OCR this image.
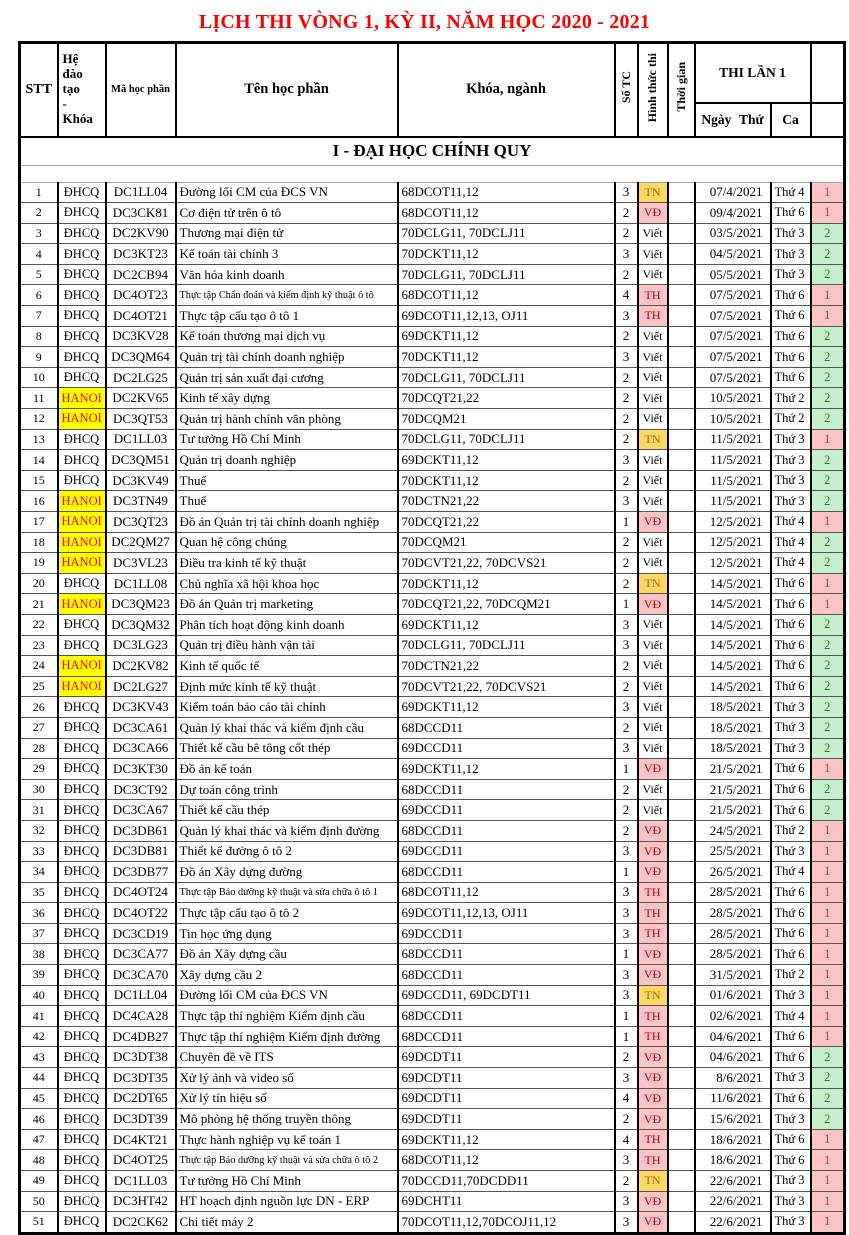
LỊCH THI VÒNG 1, KỲ II, NĂM HỌC 2020 - 2021
STT	Hệ đào tạo - Khóa	Mã học phần	Tên học phần	Khóa, ngành	Số TC	Hình thức thi	Thời gian	THI LẦN 1		

								Ngày Thứ	Ca	
I - ĐẠI HỌC CHÍNH QUY										

1	ĐHCQ	DC1LL04	Đường lối CM của ĐCS VN	68DCOT11,12	3	TN		07/4/2021	Thứ 4	1
2	ĐHCQ	DC3CK81	Cơ điện tử trên ô tô	68DCOT11,12	2	VĐ		09/4/2021	Thứ 6	1
3	ĐHCQ	DC2KV90	Thương mại điện tử	70DCLG11, 70DCLJ11	2	Viết		03/5/2021	Thứ 3	2
4	ĐHCQ	DC3KT23	Kế toán tài chính 3	70DCKT11,12	3	Viết		04/5/2021	Thứ 3	2
5	ĐHCQ	DC2CB94	Văn hóa kinh doanh	70DCLG11, 70DCLJ11	2	Viết		05/5/2021	Thứ 3	2
6	ĐHCQ	DC4OT23	Thực tập Chẩn đoán và kiểm định kỹ thuật ô tô	68DCOT11,12	4	TH		07/5/2021	Thứ 6	1
7	ĐHCQ	DC4OT21	Thực tập cấu tạo ô tô 1	69DCOT11,12,13, OJ11	3	TH		07/5/2021	Thứ 6	1
8	ĐHCQ	DC3KV28	Kế toán thương mại dịch vụ	69DCKT11,12	2	Viết		07/5/2021	Thứ 6	2
9	ĐHCQ	DC3QM64	Quản trị tài chính doanh nghiệp	70DCKT11,12	3	Viết		07/5/2021	Thứ 6	2
10	ĐHCQ	DC2LG25	Quản trị sản xuất đại cương	70DCLG11, 70DCLJ11	2	Viết		07/5/2021	Thứ 6	2
11	HANOI	DC2KV65	Kinh tế xây dựng	70DCQT21,22	2	Viết		10/5/2021	Thứ 2	2
12	HANOI	DC3QT53	Quản trị hành chính văn phòng	70DCQM21	2	Viết		10/5/2021	Thứ 2	2
13	ĐHCQ	DC1LL03	Tư tưởng Hồ Chí Minh	70DCLG11, 70DCLJ11	2	TN		11/5/2021	Thứ 3	1
14	ĐHCQ	DC3QM51	Quản trị doanh nghiệp	69DCKT11,12	3	Viết		11/5/2021	Thứ 3	2
15	ĐHCQ	DC3KV49	Thuế	70DCKT11,12	2	Viết		11/5/2021	Thứ 3	2
16	HANOI	DC3TN49	Thuế	70DCTN21,22	3	Viết		11/5/2021	Thứ 3	2
17	HANOI	DC3QT23	Đồ án Quản trị tài chính doanh nghiệp	70DCQT21,22	1	VĐ		12/5/2021	Thứ 4	1
18	HANOI	DC2QM27	Quan hệ công chúng	70DCQM21	2	Viết		12/5/2021	Thứ 4	2
19	HANOI	DC3VL23	Điều tra kinh tế kỹ thuật	70DCVT21,22, 70DCVS21	2	Viết		12/5/2021	Thứ 4	2
20	ĐHCQ	DC1LL08	Chủ nghĩa xã hội khoa học	70DCKT11,12	2	TN		14/5/2021	Thứ 6	1
21	HANOI	DC3QM23	Đồ án Quản trị marketing	70DCQT21,22, 70DCQM21	1	VĐ		14/5/2021	Thứ 6	1
22	ĐHCQ	DC3QM32	Phân tích hoạt động kinh doanh	69DCKT11,12	3	Viết		14/5/2021	Thứ 6	2
23	ĐHCQ	DC3LG23	Quản trị điều hành vận tải	70DCLG11, 70DCLJ11	3	Viết		14/5/2021	Thứ 6	2
24	HANOI	DC2KV82	Kinh tế quốc tế	70DCTN21,22	2	Viết		14/5/2021	Thứ 6	2
25	HANOI	DC2LG27	Định mức kinh tế kỹ thuật	70DCVT21,22, 70DCVS21	2	Viết		14/5/2021	Thứ 6	2
26	ĐHCQ	DC3KV43	Kiểm toán báo cáo tài chính	69DCKT11,12	3	Viết		18/5/2021	Thứ 3	2
27	ĐHCQ	DC3CA61	Quản lý khai thác và kiểm định cầu	68DCCD11	2	Viết		18/5/2021	Thứ 3	2
28	ĐHCQ	DC3CA66	Thiết kế cầu bê tông cốt thép	69DCCD11	3	Viết		18/5/2021	Thứ 3	2
29	ĐHCQ	DC3KT30	Đồ án kế toán	69DCKT11,12	1	VĐ		21/5/2021	Thứ 6	1
30	ĐHCQ	DC3CT92	Dự toán công trình	68DCCD11	2	Viết		21/5/2021	Thứ 6	2
31	ĐHCQ	DC3CA67	Thiết kế cầu thép	69DCCD11	2	Viết		21/5/2021	Thứ 6	2
32	ĐHCQ	DC3DB61	Quản lý khai thác và kiểm định đường	68DCCD11	2	VĐ		24/5/2021	Thứ 2	1
33	ĐHCQ	DC3DB81	Thiết kế đường ô tô 2	69DCCD11	3	VĐ		25/5/2021	Thứ 3	1
34	ĐHCQ	DC3DB77	Đồ án Xây dựng đường	68DCCD11	1	VĐ		26/5/2021	Thứ 4	1
35	ĐHCQ	DC4OT24	Thực tập Bảo dưỡng kỹ thuật và sửa chữa ô tô 1	68DCOT11,12	3	TH		28/5/2021	Thứ 6	1
36	ĐHCQ	DC4OT22	Thực tập cấu tạo ô tô 2	69DCOT11,12,13, OJ11	3	TH		28/5/2021	Thứ 6	1
37	ĐHCQ	DC3CD19	Tin học ứng dụng	69DCCD11	3	TH		28/5/2021	Thứ 6	1
38	ĐHCQ	DC3CA77	Đồ án Xây dựng cầu	68DCCD11	1	VĐ		28/5/2021	Thứ 6	1
39	ĐHCQ	DC3CA70	Xây dựng cầu 2	68DCCD11	3	VĐ		31/5/2021	Thứ 2	1
40	ĐHCQ	DC1LL04	Đường lối CM của ĐCS VN	69DCCD11, 69DCDT11	3	TN		01/6/2021	Thứ 3	1
41	ĐHCQ	DC4CA28	Thực tập thí nghiệm Kiểm định cầu	68DCCD11	1	TH		02/6/2021	Thứ 4	1
42	ĐHCQ	DC4DB27	Thực tập thí nghiệm Kiểm định đường	68DCCD11	1	TH		04/6/2021	Thứ 6	1
43	ĐHCQ	DC3DT38	Chuyên đề về ITS	69DCDT11	2	VĐ		04/6/2021	Thứ 6	2
44	ĐHCQ	DC3DT35	Xử lý ảnh và video số	69DCDT11	3	VĐ		8/6/2021	Thứ 3	2
45	ĐHCQ	DC2DT65	Xử lý tín hiệu số	69DCDT11	4	VĐ		11/6/2021	Thứ 6	2
46	ĐHCQ	DC3DT39	Mô phỏng hệ thống truyền thông	69DCDT11	2	VĐ		15/6/2021	Thứ 3	2
47	ĐHCQ	DC4KT21	Thực hành nghiệp vụ kế toán 1	69DCKT11,12	4	TH		18/6/2021	Thứ 6	1
48	ĐHCQ	DC4OT25	Thực tập Bảo dưỡng kỹ thuật và sửa chữa ô tô 2	68DCOT11,12	3	TH		18/6/2021	Thứ 6	1
49	ĐHCQ	DC1LL03	Tư tưởng Hồ Chí Minh	70DCCD11,70DCDD11	2	TN		22/6/2021	Thứ 3	1
50	ĐHCQ	DC3HT42	HT hoạch định nguồn lực DN - ERP	69DCHT11	3	VĐ		22/6/2021	Thứ 3	1
51	ĐHCQ	DC2CK62	Chi tiết máy 2	70DCOT11,12,70DCOJ11,12	3	VĐ		22/6/2021	Thứ 3	1
